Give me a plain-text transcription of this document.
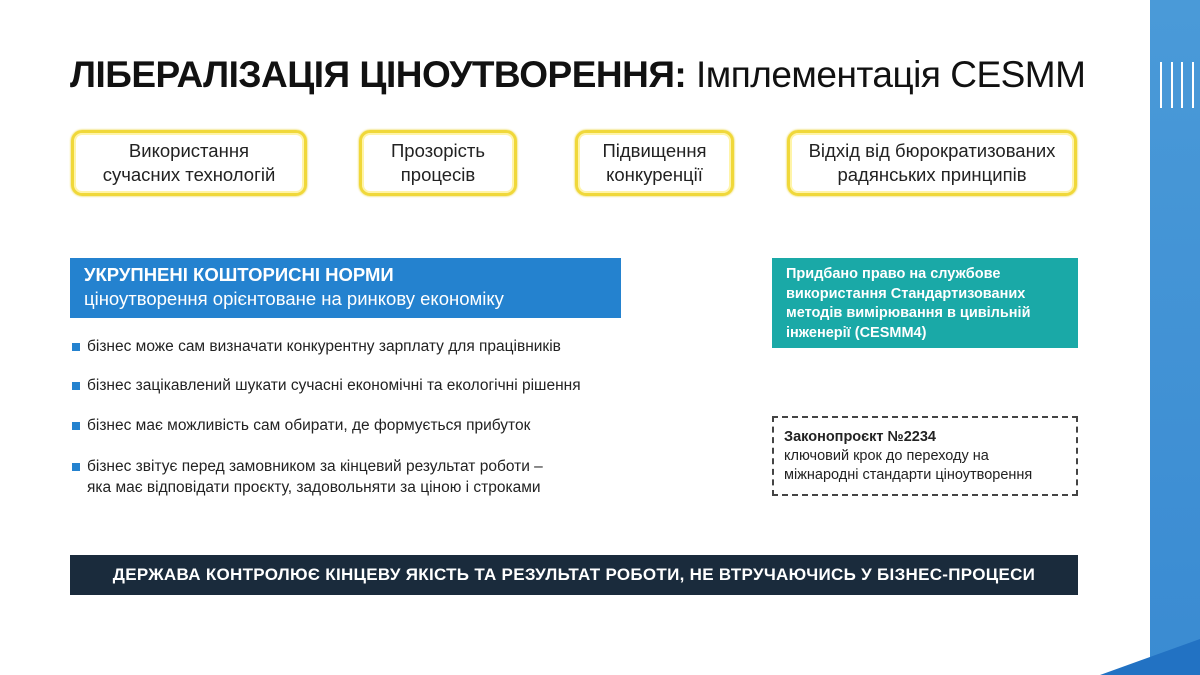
ЛІБЕРАЛІЗАЦІЯ ЦІНОУТВОРЕННЯ: Імплементація CESMM
Використання
сучасних технологій
Прозорість
процесів
Підвищення
конкуренції
Відхід від бюрократизованих
радянських принципів
УКРУПНЕНІ КОШТОРИСНІ НОРМИ
ціноутворення орієнтоване на ринкову економіку
бізнес може сам визначати конкурентну зарплату для працівників
бізнес зацікавлений шукати сучасні економічні та екологічні рішення
бізнес має можливість сам обирати, де формується прибуток
бізнес звітує перед замовником за кінцевий результат роботи –
яка має відповідати проєкту, задовольняти за ціною і строками
Придбано право на службове використання Стандартизованих методів вимірювання в цивільній інженерії (CESMM4)
Законопроєкт №2234
ключовий крок до переходу на міжнародні стандарти ціноутворення
ДЕРЖАВА КОНТРОЛЮЄ КІНЦЕВУ ЯКІСТЬ ТА РЕЗУЛЬТАТ РОБОТИ, НЕ ВТРУЧАЮЧИСЬ У БІЗНЕС-ПРОЦЕСИ
